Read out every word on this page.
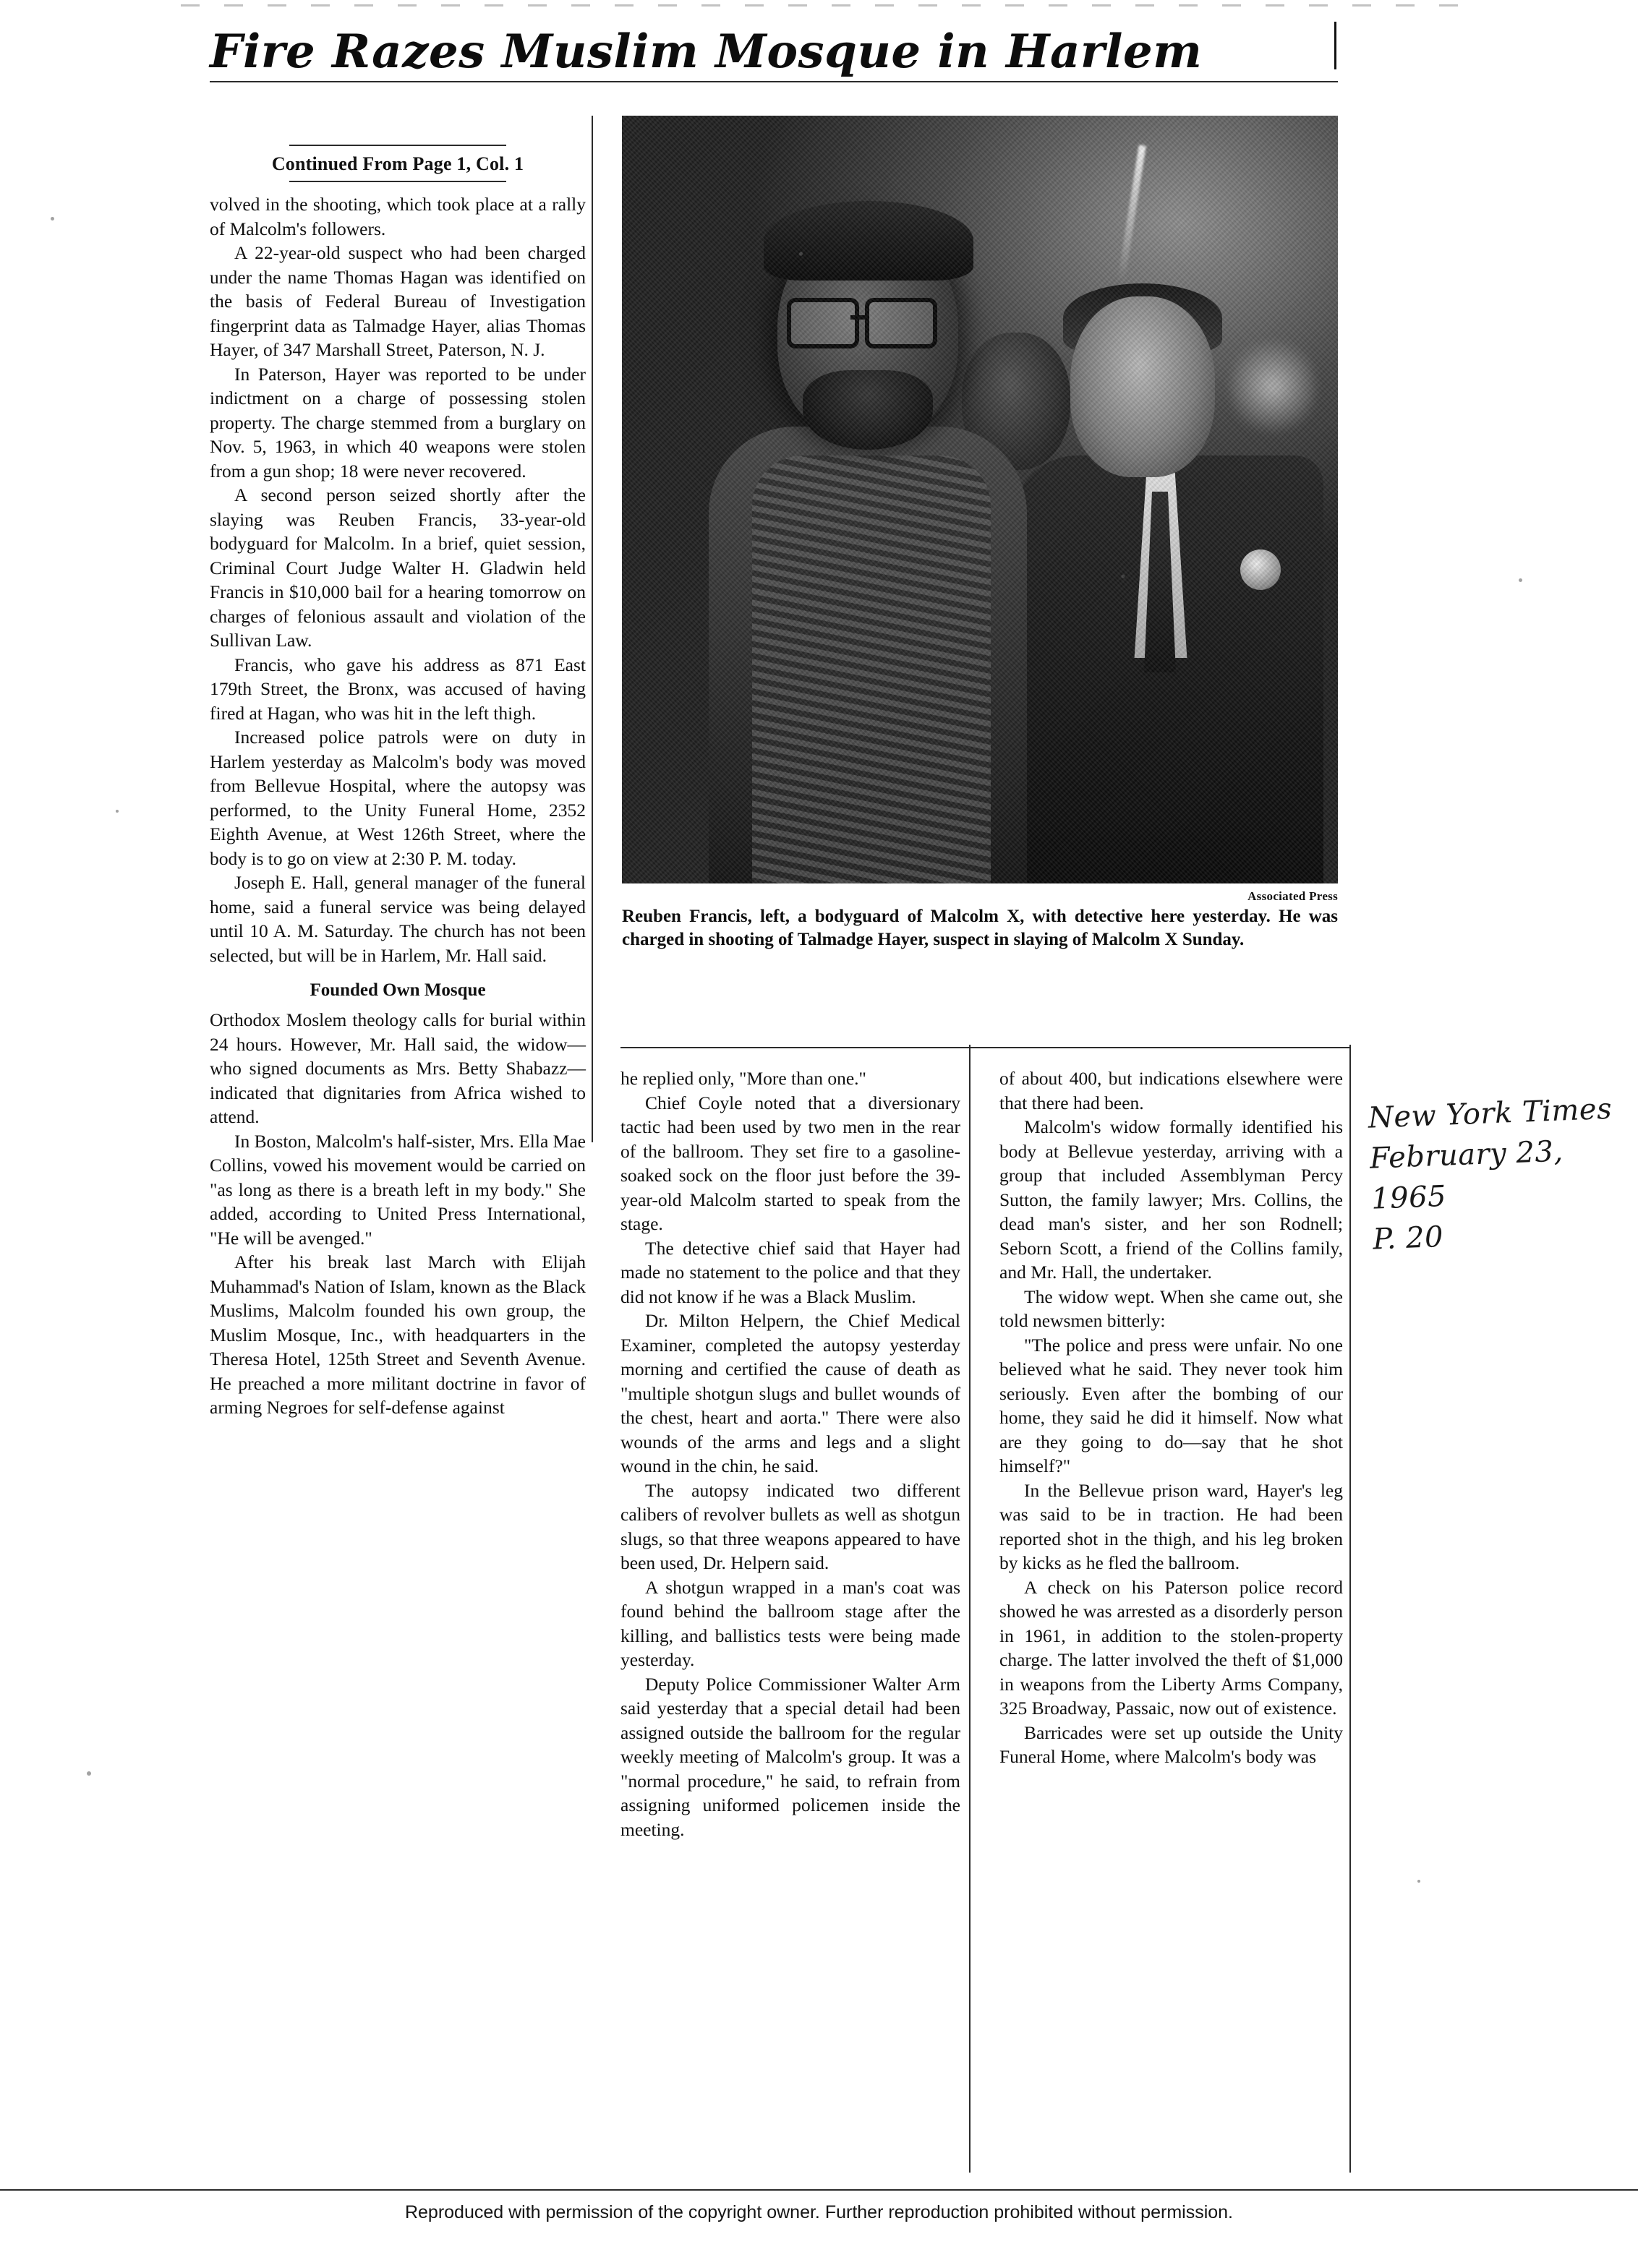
Fire Razes Muslim Mosque in Harlem
Continued From Page 1, Col. 1

volved in the shooting, which took place at a rally of Malcolm's followers.

A 22-year-old suspect who had been charged under the name Thomas Hagan was identified on the basis of Federal Bureau of Investigation fingerprint data as Talmadge Hayer, alias Thomas Hayer, of 347 Marshall Street, Paterson, N. J.

In Paterson, Hayer was reported to be under indictment on a charge of possessing stolen property. The charge stemmed from a burglary on Nov. 5, 1963, in which 40 weapons were stolen from a gun shop; 18 were never recovered.

A second person seized shortly after the slaying was Reuben Francis, 33-year-old bodyguard for Malcolm. In a brief, quiet session, Criminal Court Judge Walter H. Gladwin held Francis in $10,000 bail for a hearing tomorrow on charges of felonious assault and violation of the Sullivan Law.

Francis, who gave his address as 871 East 179th Street, the Bronx, was accused of having fired at Hagan, who was hit in the left thigh.

Increased police patrols were on duty in Harlem yesterday as Malcolm's body was moved from Bellevue Hospital, where the autopsy was performed, to the Unity Funeral Home, 2352 Eighth Avenue, at West 126th Street, where the body is to go on view at 2:30 P. M. today.

Joseph E. Hall, general manager of the funeral home, said a funeral service was being delayed until 10 A. M. Saturday. The church has not been selected, but will be in Harlem, Mr. Hall said.

Founded Own Mosque

Orthodox Moslem theology calls for burial within 24 hours. However, Mr. Hall said, the widow—who signed documents as Mrs. Betty Shabazz—indicated that dignitaries from Africa wished to attend.

In Boston, Malcolm's half-sister, Mrs. Ella Mae Collins, vowed his movement would be carried on "as long as there is a breath left in my body." She added, according to United Press International, "He will be avenged."

After his break last March with Elijah Muhammad's Nation of Islam, known as the Black Muslims, Malcolm founded his own group, the Muslim Mosque, Inc., with headquarters in the Theresa Hotel, 125th Street and Seventh Avenue. He preached a more militant doctrine in favor of arming Negroes for self-defense against

Associated Press
Reuben Francis, left, a bodyguard of Malcolm X, with detective here yesterday. He was charged in shooting of Talmadge Hayer, suspect in slaying of Malcolm X Sunday.

he replied only, "More than one."

Chief Coyle noted that a diversionary tactic had been used by two men in the rear of the ballroom. They set fire to a gasoline-soaked sock on the floor just before the 39-year-old Malcolm started to speak from the stage.

The detective chief said that Hayer had made no statement to the police and that they did not know if he was a Black Muslim.

Dr. Milton Helpern, the Chief Medical Examiner, completed the autopsy yesterday morning and certified the cause of death as "multiple shotgun slugs and bullet wounds of the chest, heart and aorta." There were also wounds of the arms and legs and a slight wound in the chin, he said.

The autopsy indicated two different calibers of revolver bullets as well as shotgun slugs, so that three weapons appeared to have been used, Dr. Helpern said.

A shotgun wrapped in a man's coat was found behind the ballroom stage after the killing, and ballistics tests were being made yesterday.

Deputy Police Commissioner Walter Arm said yesterday that a special detail had been assigned outside the ballroom for the regular weekly meeting of Malcolm's group. It was a "normal procedure," he said, to refrain from assigning uniformed policemen inside the meeting.

of about 400, but indications elsewhere were that there had been.

Malcolm's widow formally identified his body at Bellevue yesterday, arriving with a group that included Assemblyman Percy Sutton, the family lawyer; Mrs. Collins, the dead man's sister, and her son Rodnell; Seborn Scott, a friend of the Collins family, and Mr. Hall, the undertaker.

The widow wept. When she came out, she told newsmen bitterly:

"The police and press were unfair. No one believed what he said. They never took him seriously. Even after the bombing of our home, they said he did it himself. Now what are they going to do—say that he shot himself?"

In the Bellevue prison ward, Hayer's leg was said to be in traction. He had been reported shot in the thigh, and his leg broken by kicks as he fled the ballroom.

A check on his Paterson police record showed he was arrested as a disorderly person in 1961, in addition to the stolen-property charge. The latter involved the theft of $1,000 in weapons from the Liberty Arms Company, 325 Broadway, Passaic, now out of existence.

Barricades were set up outside the Unity Funeral Home, where Malcolm's body was

New York Times
February 23, 1965
P. 20
Reproduced with permission of the copyright owner. Further reproduction prohibited without permission.
